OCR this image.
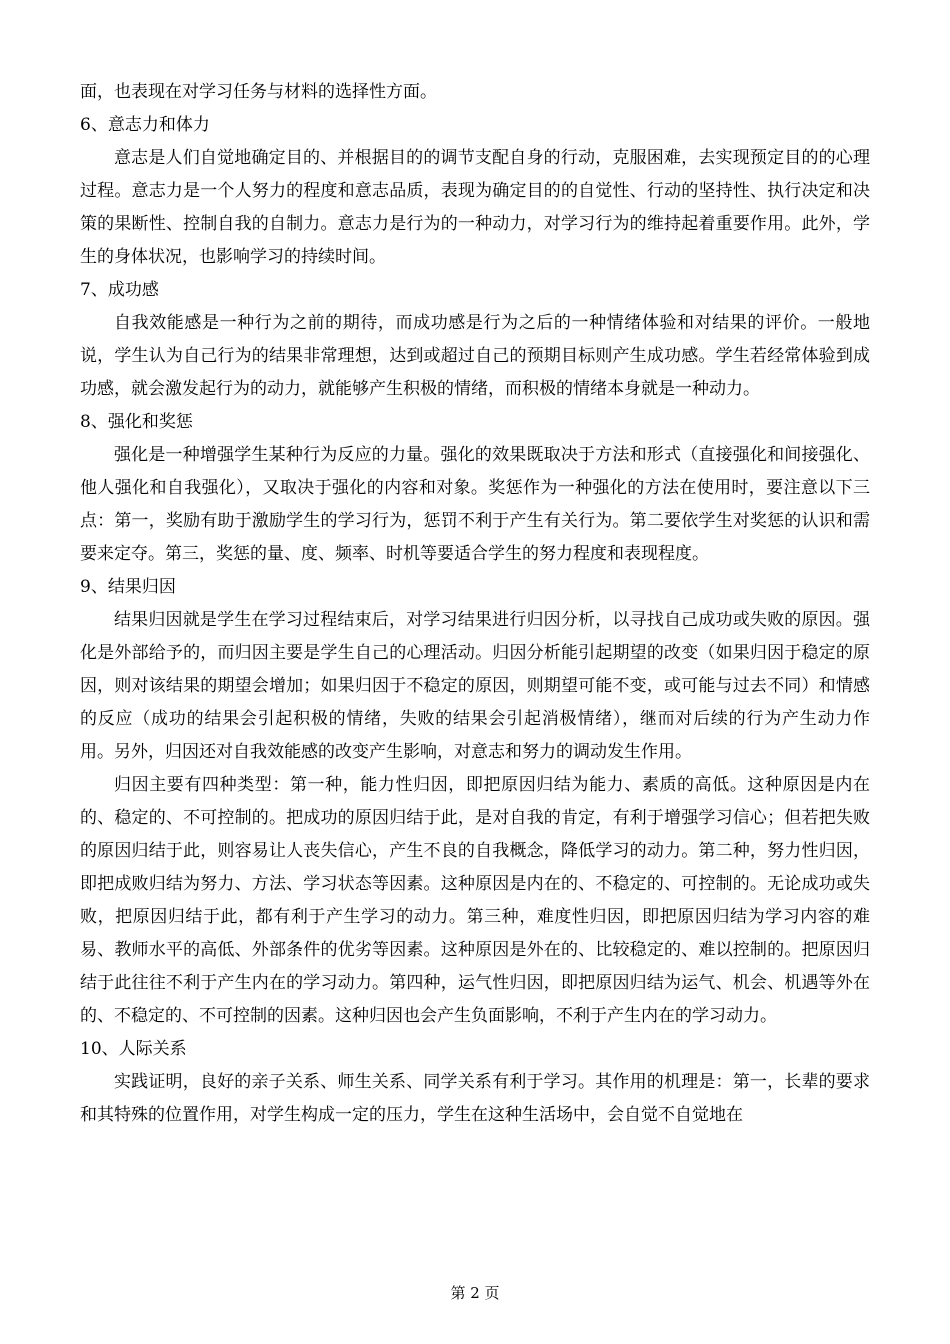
面，也表现在对学习任务与材料的选择性方面。

6、意志力和体力

意志是人们自觉地确定目的、并根据目的的调节支配自身的行动，克服困难，去实现预定目的的心理过程。意志力是一个人努力的程度和意志品质，表现为确定目的的自觉性、行动的坚持性、执行决定和决策的果断性、控制自我的自制力。意志力是行为的一种动力，对学习行为的维持起着重要作用。此外，学生的身体状况，也影响学习的持续时间。

7、成功感

自我效能感是一种行为之前的期待，而成功感是行为之后的一种情绪体验和对结果的评价。一般地说，学生认为自己行为的结果非常理想，达到或超过自己的预期目标则产生成功感。学生若经常体验到成功感，就会激发起行为的动力，就能够产生积极的情绪，而积极的情绪本身就是一种动力。

8、强化和奖惩

强化是一种增强学生某种行为反应的力量。强化的效果既取决于方法和形式（直接强化和间接强化、他人强化和自我强化），又取决于强化的内容和对象。奖惩作为一种强化的方法在使用时，要注意以下三点：第一，奖励有助于激励学生的学习行为，惩罚不利于产生有关行为。第二要依学生对奖惩的认识和需要来定夺。第三，奖惩的量、度、频率、时机等要适合学生的努力程度和表现程度。

9、结果归因

结果归因就是学生在学习过程结束后，对学习结果进行归因分析，以寻找自己成功或失败的原因。强化是外部给予的，而归因主要是学生自己的心理活动。归因分析能引起期望的改变（如果归因于稳定的原因，则对该结果的期望会增加；如果归因于不稳定的原因，则期望可能不变，或可能与过去不同）和情感的反应（成功的结果会引起积极的情绪，失败的结果会引起消极情绪），继而对后续的行为产生动力作用。另外，归因还对自我效能感的改变产生影响，对意志和努力的调动发生作用。

归因主要有四种类型：第一种，能力性归因，即把原因归结为能力、素质的高低。这种原因是内在的、稳定的、不可控制的。把成功的原因归结于此，是对自我的肯定，有利于增强学习信心；但若把失败的原因归结于此，则容易让人丧失信心，产生不良的自我概念，降低学习的动力。第二种，努力性归因，即把成败归结为努力、方法、学习状态等因素。这种原因是内在的、不稳定的、可控制的。无论成功或失败，把原因归结于此，都有利于产生学习的动力。第三种，难度性归因，即把原因归结为学习内容的难易、教师水平的高低、外部条件的优劣等因素。这种原因是外在的、比较稳定的、难以控制的。把原因归结于此往往不利于产生内在的学习动力。第四种，运气性归因，即把原因归结为运气、机会、机遇等外在的、不稳定的、不可控制的因素。这种归因也会产生负面影响，不利于产生内在的学习动力。

10、人际关系

实践证明，良好的亲子关系、师生关系、同学关系有利于学习。其作用的机理是：第一，长辈的要求和其特殊的位置作用，对学生构成一定的压力，学生在这种生活场中，会自觉不自觉地在

第 2 页
